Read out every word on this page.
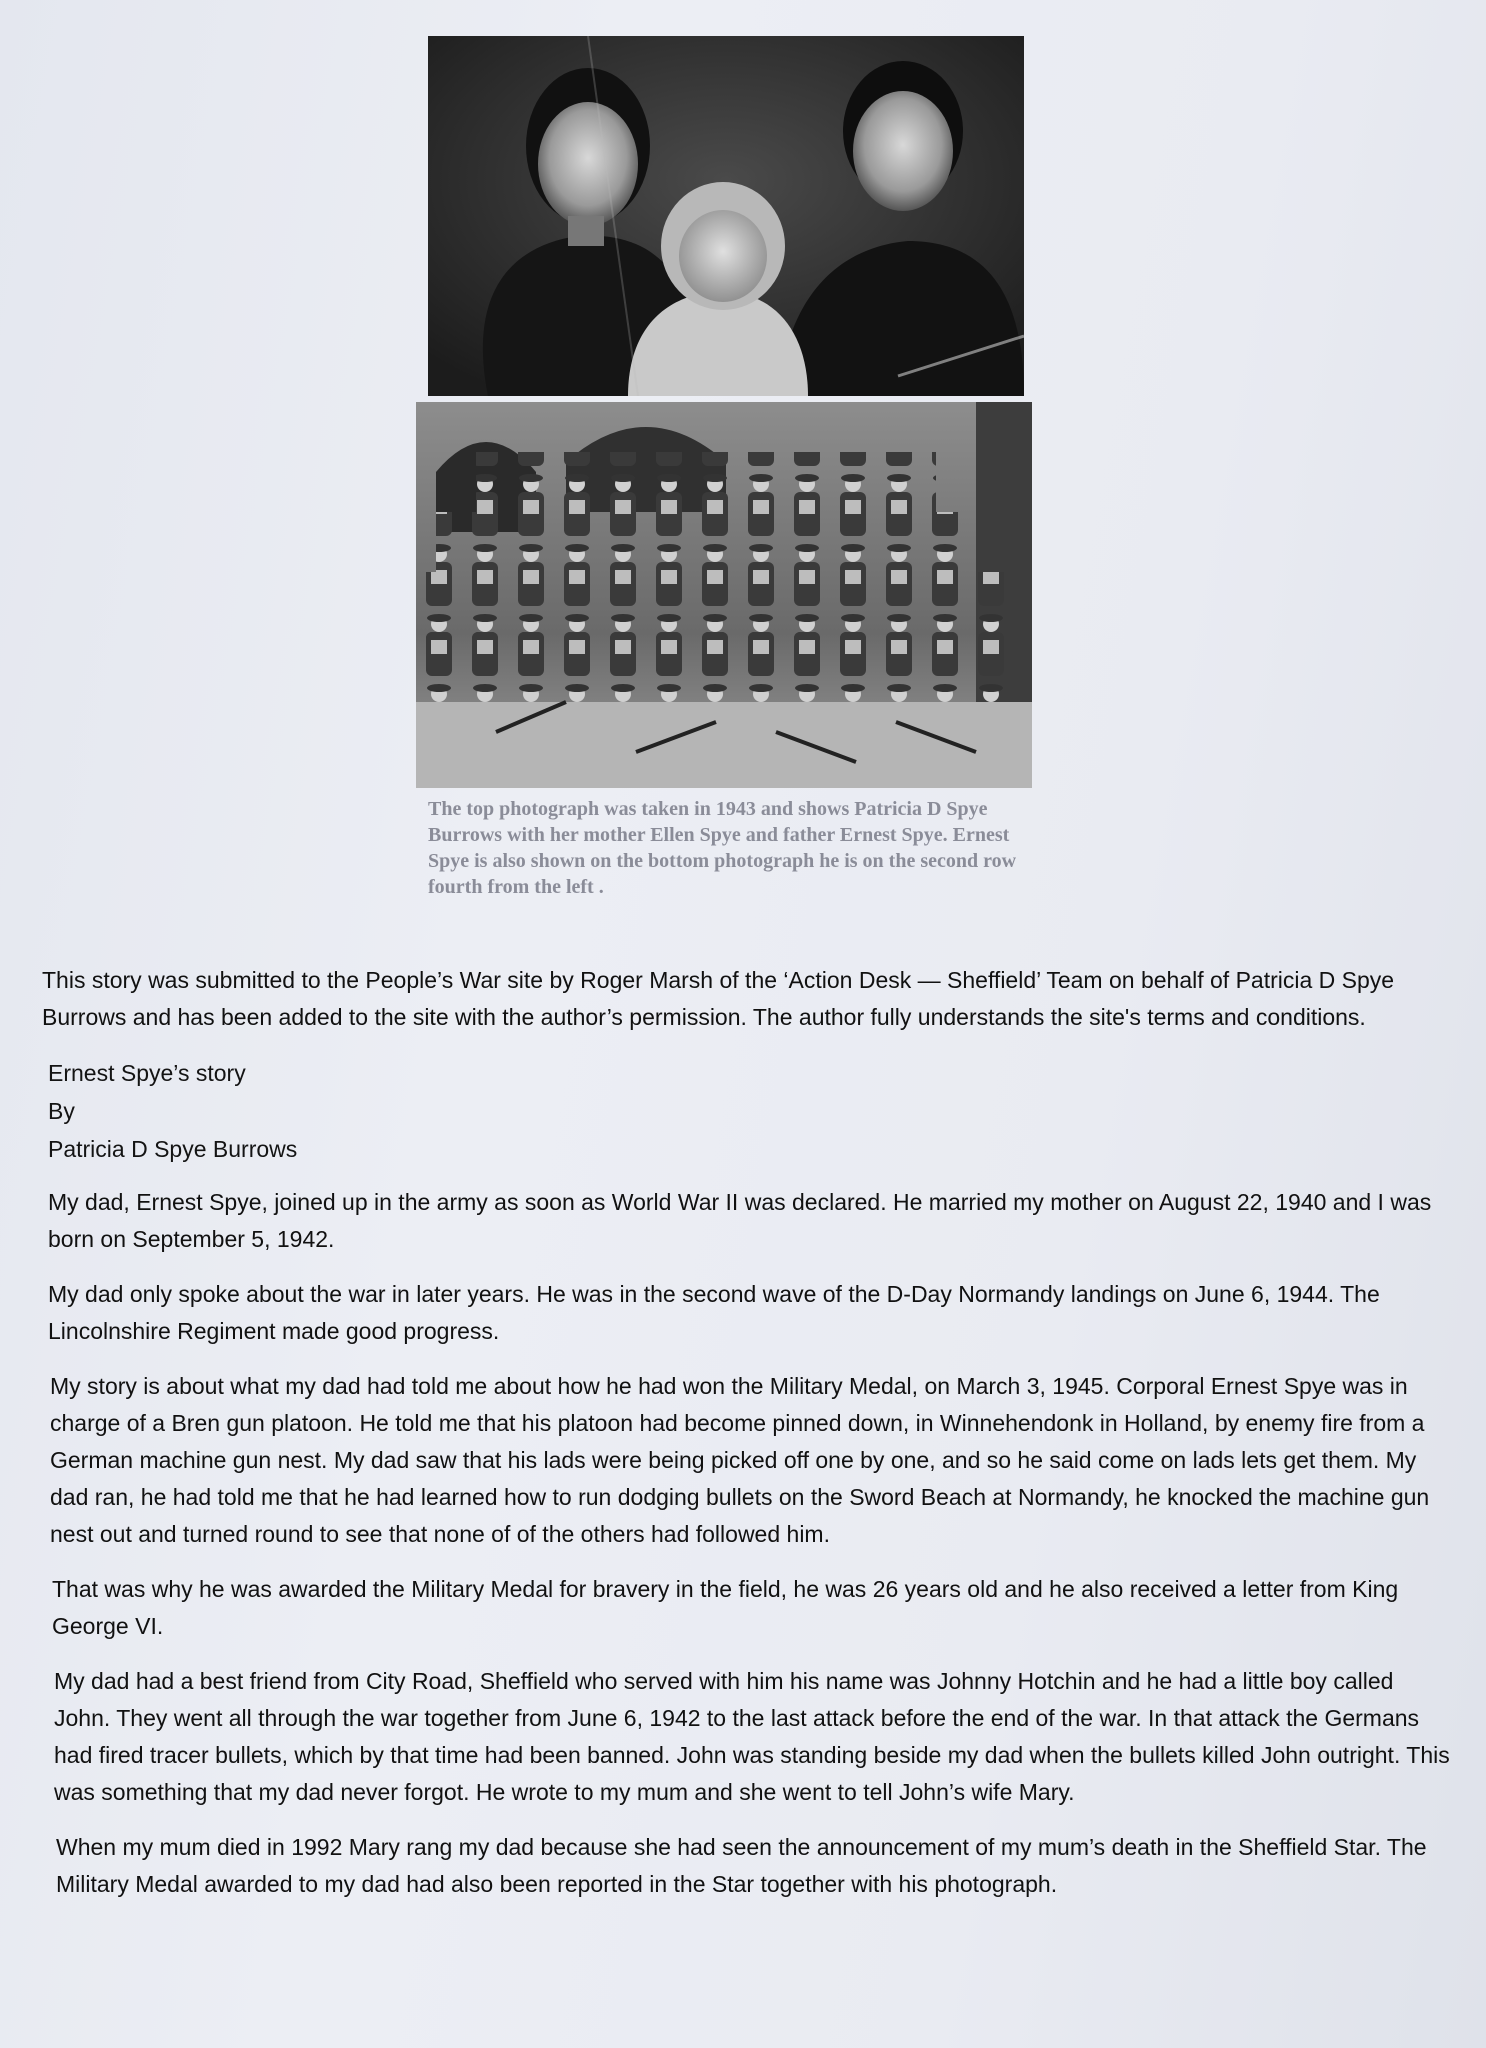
The top photograph was taken in 1943 and shows Patricia D Spye Burrows with her mother Ellen Spye and father Ernest Spye. Ernest Spye is also shown on the bottom photograph he is on the second row fourth from the left .

This story was submitted to the People’s War site by Roger Marsh of the ‘Action Desk — Sheffield’ Team on behalf of Patricia D Spye Burrows and has been added to the site with the author’s permission. The author fully understands the site's terms and conditions.

Ernest Spye’s story
By
Patricia D Spye Burrows

My dad, Ernest Spye, joined up in the army as soon as World War II was declared. He married my mother on August 22, 1940 and I was born on September 5, 1942.

My dad only spoke about the war in later years. He was in the second wave of the D-Day Normandy landings on June 6, 1944. The Lincolnshire Regiment made good progress.

My story is about what my dad had told me about how he had won the Military Medal, on March 3, 1945. Corporal Ernest Spye was in charge of a Bren gun platoon. He told me that his platoon had become pinned down, in Winnehendonk in Holland, by enemy fire from a German machine gun nest. My dad saw that his lads were being picked off one by one, and so he said come on lads lets get them. My dad ran, he had told me that he had learned how to run dodging bullets on the Sword Beach at Normandy, he knocked the machine gun nest out and turned round to see that none of of the others had followed him.

That was why he was awarded the Military Medal for bravery in the field, he was 26 years old and he also received a letter from King George VI.

My dad had a best friend from City Road, Sheffield who served with him his name was Johnny Hotchin and he had a little boy called John. They went all through the war together from June 6, 1942 to the last attack before the end of the war. In that attack the Germans had fired tracer bullets, which by that time had been banned. John was standing beside my dad when the bullets killed John outright. This was something that my dad never forgot. He wrote to my mum and she went to tell John’s wife Mary.

When my mum died in 1992 Mary rang my dad because she had seen the announcement of my mum’s death in the Sheffield Star. The Military Medal awarded to my dad had also been reported in the Star together with his photograph.
